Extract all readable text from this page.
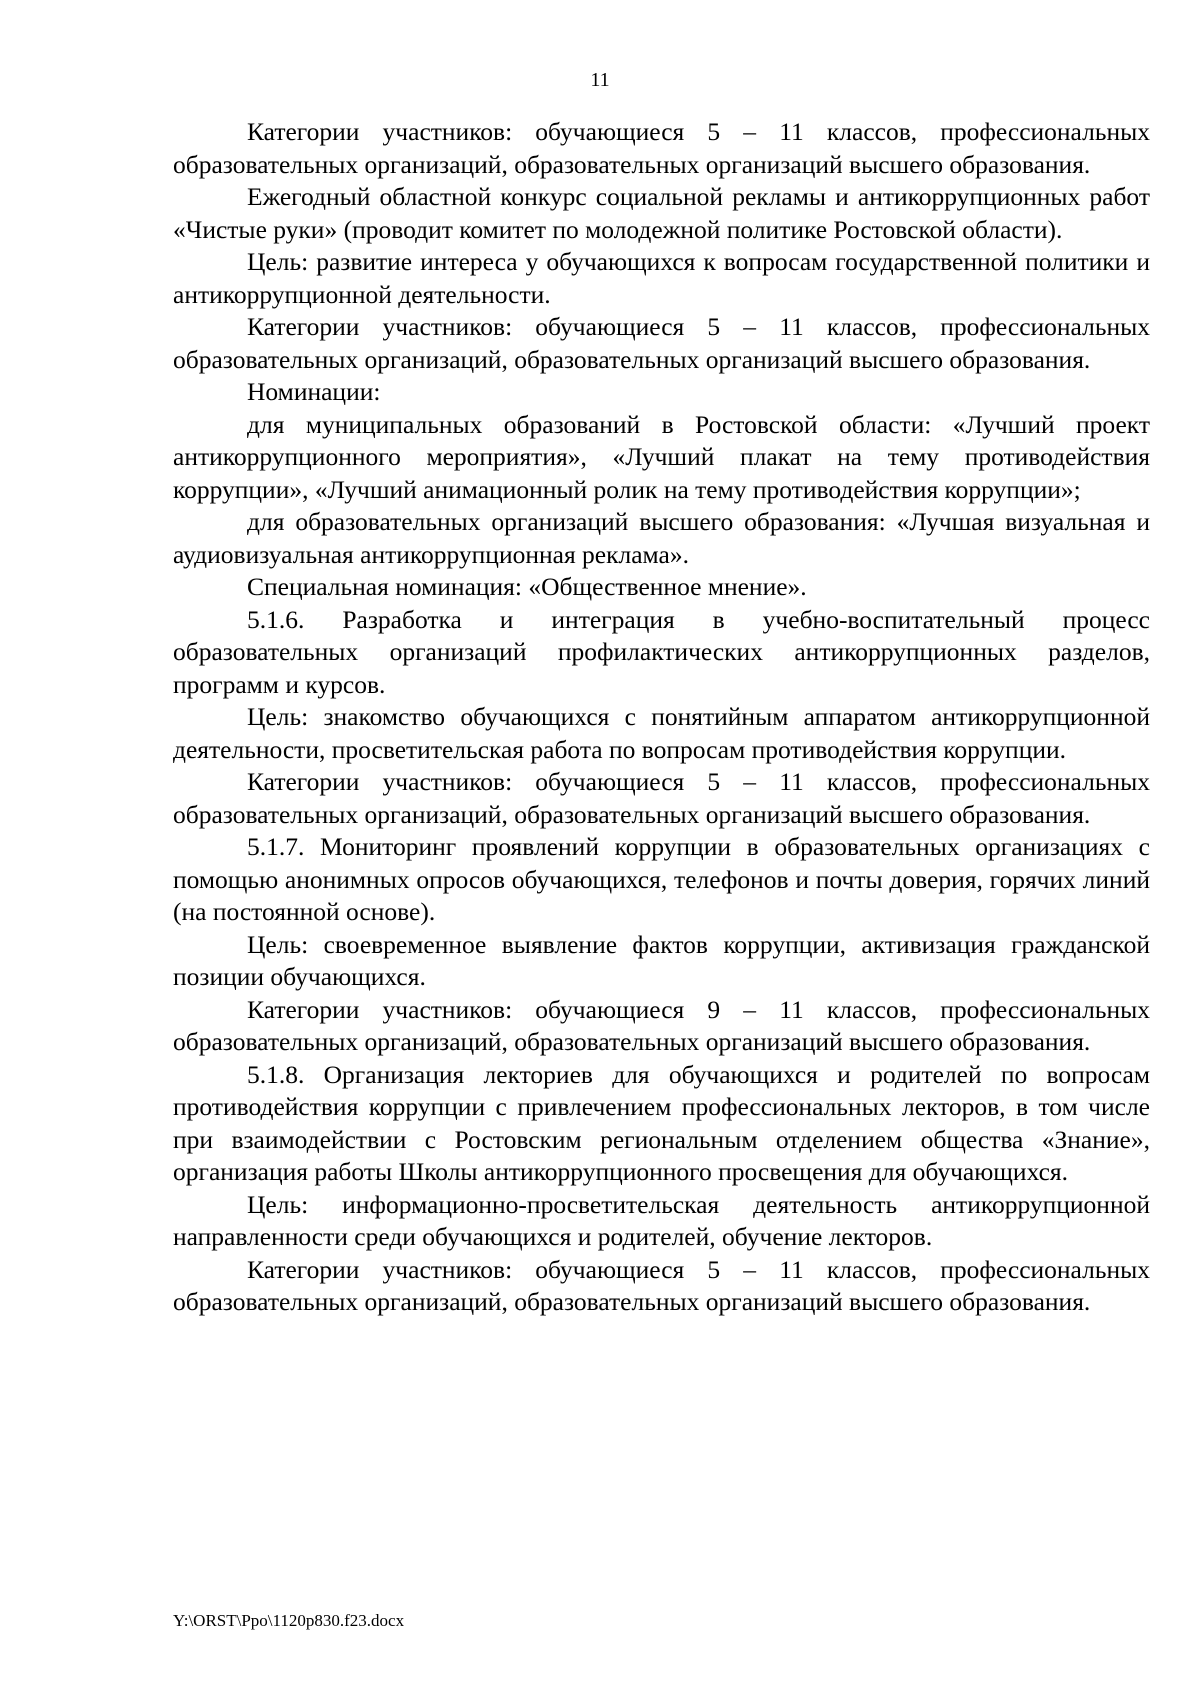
11

Категории участников: обучающиеся 5 – 11 классов, профессиональных образовательных организаций, образовательных организаций высшего образования.

Ежегодный областной конкурс социальной рекламы и антикоррупционных работ «Чистые руки» (проводит комитет по молодежной политике Ростовской области).

Цель: развитие интереса у обучающихся к вопросам государственной политики и антикоррупционной деятельности.

Категории участников: обучающиеся 5 – 11 классов, профессиональных образовательных организаций, образовательных организаций высшего образования.

Номинации:

для муниципальных образований в Ростовской области: «Лучший проект антикоррупционного мероприятия», «Лучший плакат на тему противодействия коррупции», «Лучший анимационный ролик на тему противодействия коррупции»;

для образовательных организаций высшего образования: «Лучшая визуальная и аудиовизуальная антикоррупционная реклама».

Специальная номинация: «Общественное мнение».

5.1.6. Разработка и интеграция в учебно-воспитательный процесс образовательных организаций профилактических антикоррупционных разделов, программ и курсов.

Цель: знакомство обучающихся с понятийным аппаратом антикоррупционной деятельности, просветительская работа по вопросам противодействия коррупции.

Категории участников: обучающиеся 5 – 11 классов, профессиональных образовательных организаций, образовательных организаций высшего образования.

5.1.7. Мониторинг проявлений коррупции в образовательных организациях с помощью анонимных опросов обучающихся, телефонов и почты доверия, горячих линий (на постоянной основе).

Цель: своевременное выявление фактов коррупции, активизация гражданской позиции обучающихся.

Категории участников: обучающиеся 9 – 11 классов, профессиональных образовательных организаций, образовательных организаций высшего образования.

5.1.8. Организация лекториев для обучающихся и родителей по вопросам противодействия коррупции с привлечением профессиональных лекторов, в том числе при взаимодействии с Ростовским региональным отделением общества «Знание», организация работы Школы антикоррупционного просвещения для обучающихся.

Цель: информационно-просветительская деятельность антикоррупционной направленности среди обучающихся и родителей, обучение лекторов.

Категории участников: обучающиеся 5 – 11 классов, профессиональных образовательных организаций, образовательных организаций высшего образования.

Y:\ORST\Ppo\1120p830.f23.docx
